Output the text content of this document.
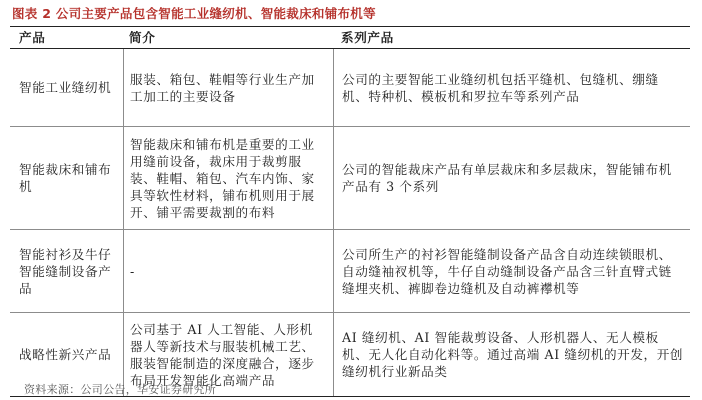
图表 2 公司主要产品包含智能工业缝纫机、智能裁床和铺布机等
产品	简介	系列产品
智能工业缝纫机
服装、箱包、鞋帽等行业生产加工加工的主要设备
公司的主要智能工业缝纫机包括平缝机、包缝机、绷缝机、特种机、模板机和罗拉车等系列产品
智能裁床和铺布机
智能裁床和铺布机是重要的工业用缝前设备，裁床用于裁剪服装、鞋帽、箱包、汽车内饰、家具等软性材料，铺布机则用于展开、铺平需要裁割的布料
公司的智能裁床产品有单层裁床和多层裁床，智能铺布机产品有 3 个系列
智能衬衫及牛仔智能缝制设备产品
-
公司所生产的衬衫智能缝制设备产品含自动连续锁眼机、自动缝袖衩机等，牛仔自动缝制设备产品含三针直臂式链缝埋夹机、裤脚卷边缝机及自动裤襻机等
战略性新兴产品
公司基于 AI 人工智能、人形机器人等新技术与服装机械工艺、服装智能制造的深度融合，逐步布局开发智能化高端产品
AI 缝纫机、AI 智能裁剪设备、人形机器人、无人模板机、无人化自动化料等。通过高端 AI 缝纫机的开发，开创缝纫机行业新品类
资料来源：公司公告，华安证券研究所
